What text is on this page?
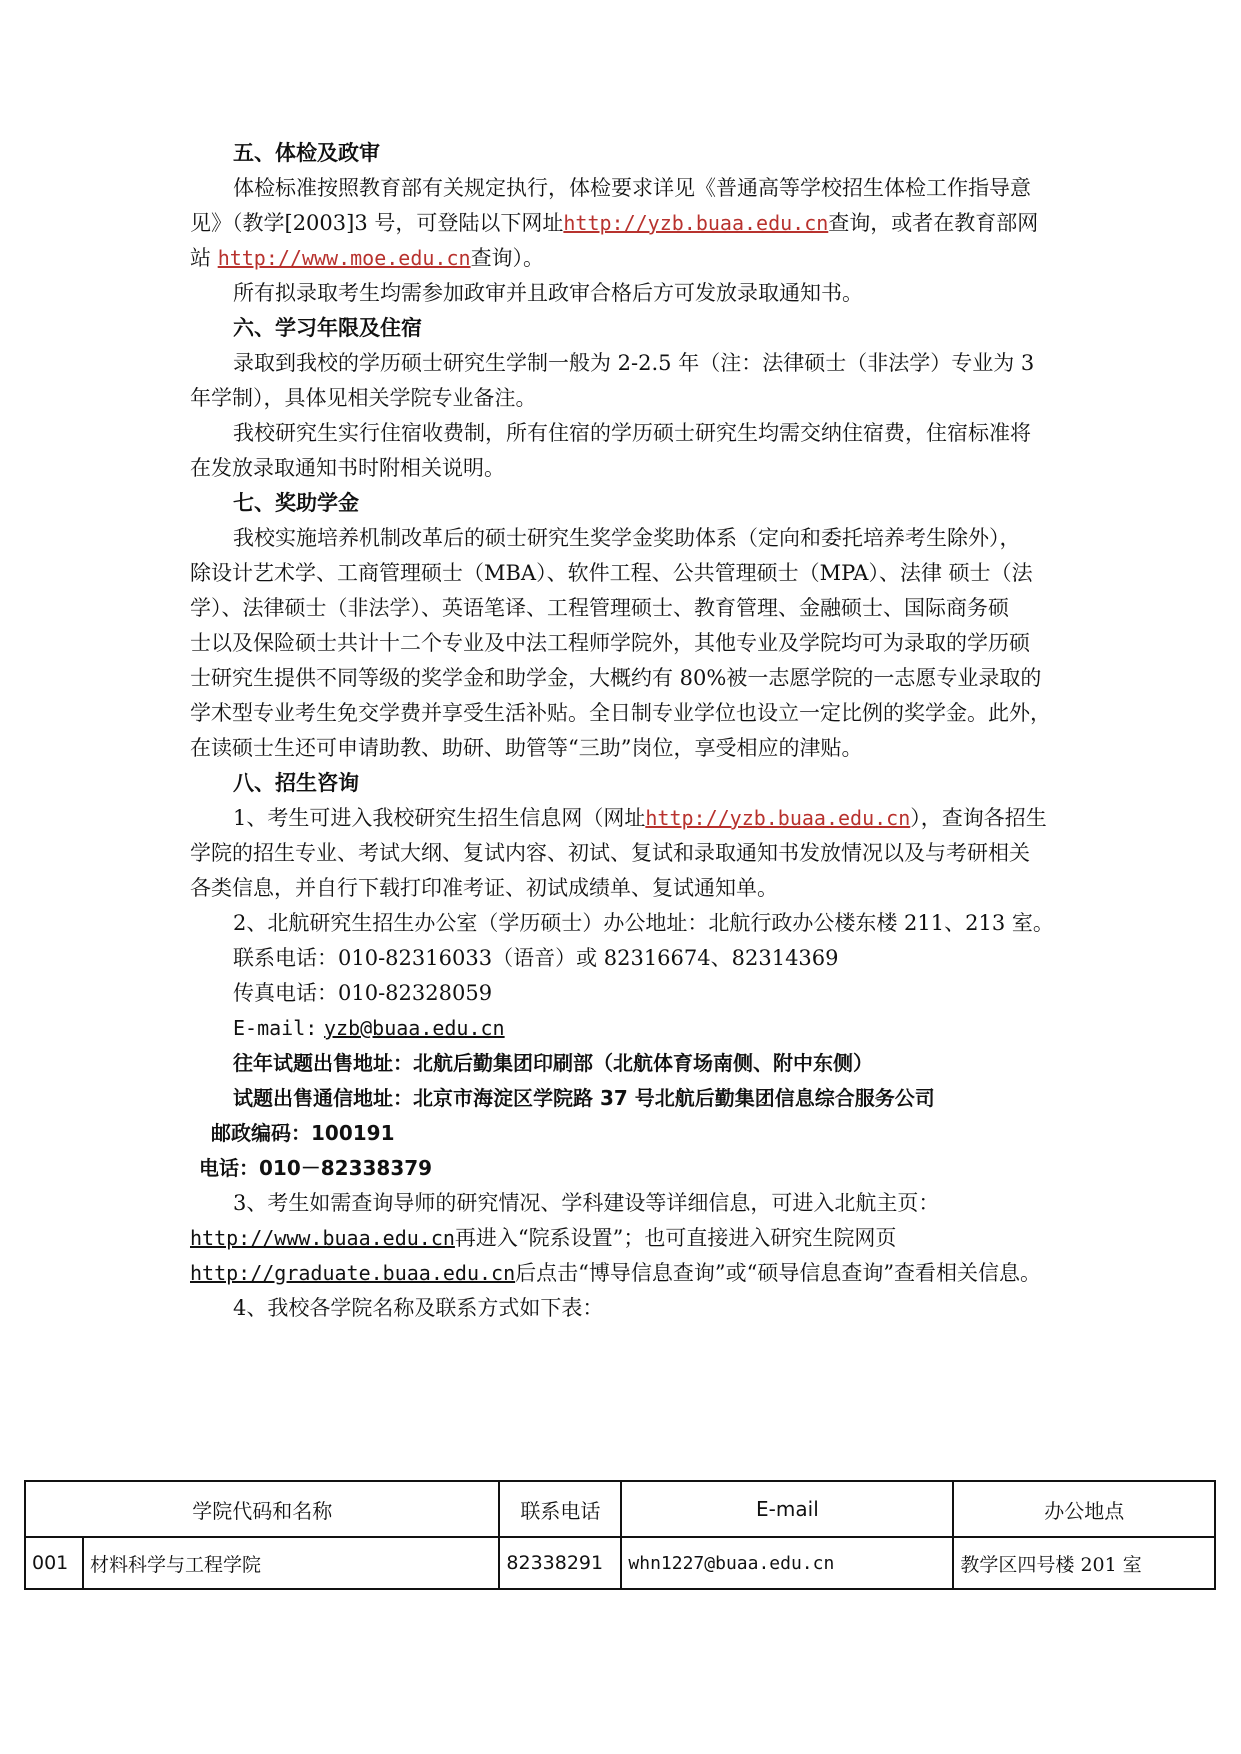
五、体检及政审
体检标准按照教育部有关规定执行，体检要求详见《普通高等学校招生体检工作指导意
见》（教学[2003]3 号，可登陆以下网址http://yzb.buaa.edu.cn查询，或者在教育部网
站 http://www.moe.edu.cn查询）。
所有拟录取考生均需参加政审并且政审合格后方可发放录取通知书。
六、学习年限及住宿
录取到我校的学历硕士研究生学制一般为 2-2.5 年（注：法律硕士（非法学）专业为 3
年学制），具体见相关学院专业备注。
我校研究生实行住宿收费制，所有住宿的学历硕士研究生均需交纳住宿费，住宿标准将
在发放录取通知书时附相关说明。
七、奖助学金
我校实施培养机制改革后的硕士研究生奖学金奖助体系（定向和委托培养考生除外），
除设计艺术学、工商管理硕士（MBA）、软件工程、公共管理硕士（MPA）、法律 硕士（法
学）、法律硕士（非法学）、英语笔译、工程管理硕士、教育管理、金融硕士、国际商务硕
士以及保险硕士共计十二个专业及中法工程师学院外，其他专业及学院均可为录取的学历硕
士研究生提供不同等级的奖学金和助学金，大概约有 80%被一志愿学院的一志愿专业录取的
学术型专业考生免交学费并享受生活补贴。全日制专业学位也设立一定比例的奖学金。此外，
在读硕士生还可申请助教、助研、助管等“三助”岗位，享受相应的津贴。
八、招生咨询
1、考生可进入我校研究生招生信息网（网址http://yzb.buaa.edu.cn），查询各招生
学院的招生专业、考试大纲、复试内容、初试、复试和录取通知书发放情况以及与考研相关
各类信息，并自行下载打印准考证、初试成绩单、复试通知单。
2、北航研究生招生办公室（学历硕士）办公地址：北航行政办公楼东楼 211、213 室。
联系电话：010-82316033（语音）或 82316674、82314369
传真电话：010-82328059
E-mail: yzb@buaa.edu.cn
往年试题出售地址：北航后勤集团印刷部（北航体育场南侧、附中东侧）
试题出售通信地址：北京市海淀区学院路 37 号北航后勤集团信息综合服务公司
邮政编码：100191
电话：010－82338379
3、考生如需查询导师的研究情况、学科建设等详细信息，可进入北航主页：
http://www.buaa.edu.cn再进入“院系设置”；也可直接进入研究生院网页
http://graduate.buaa.edu.cn后点击“博导信息查询”或“硕导信息查询”查看相关信息。
4、我校各学院名称及联系方式如下表：
学院代码和名称		联系电话	E-mail	办公地点
001	材料科学与工程学院	82338291	whn1227@buaa.edu.cn	教学区四号楼 201 室
